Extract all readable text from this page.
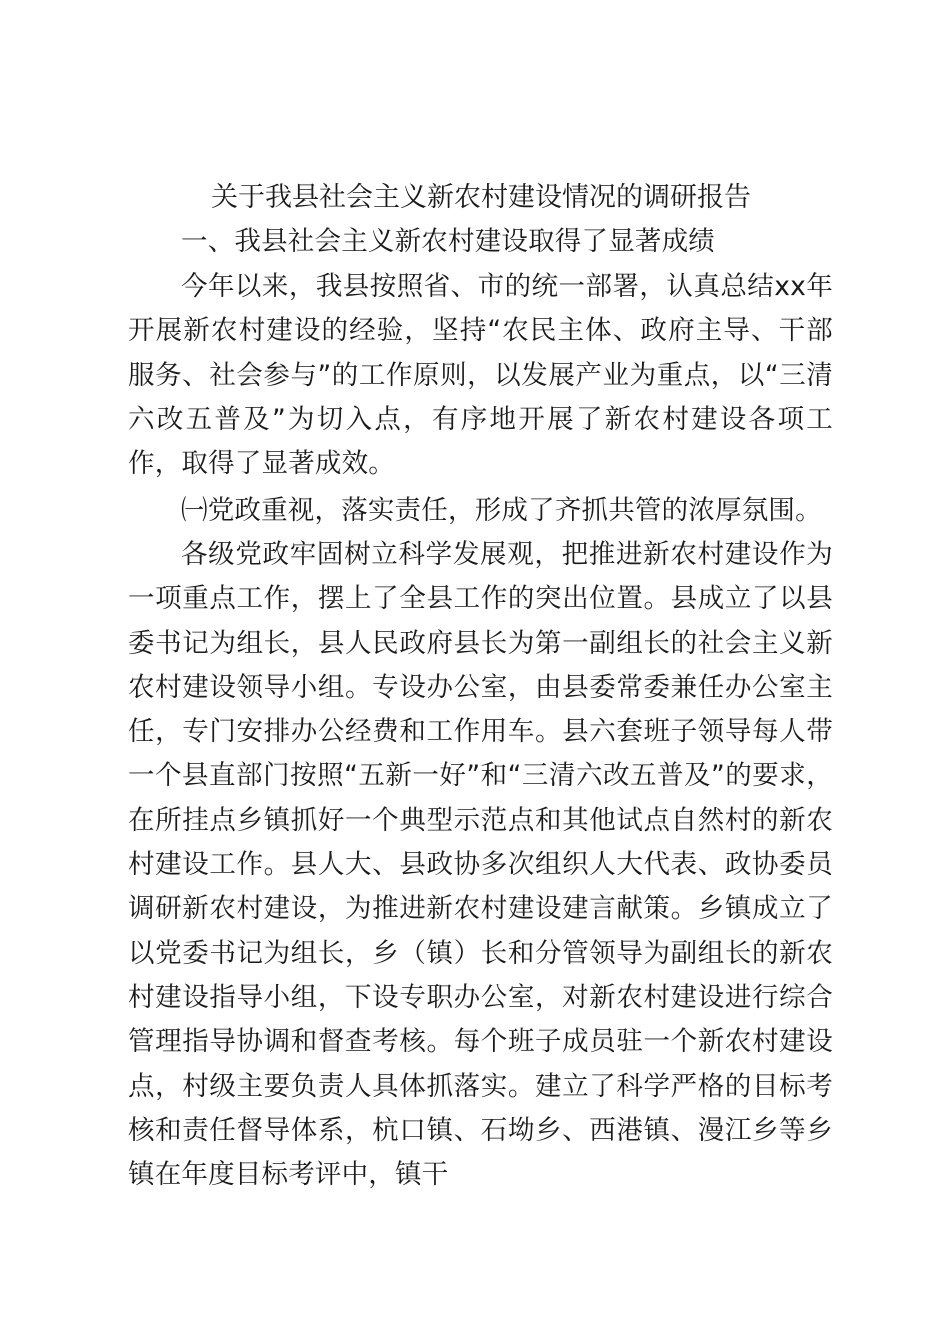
关于我县社会主义新农村建设情况的调研报告

一、我县社会主义新农村建设取得了显著成绩

今年以来，我县按照省、市的统一部署，认真总结xx年开展新农村建设的经验，坚持“农民主体、政府主导、干部服务、社会参与”的工作原则，以发展产业为重点，以“三清六改五普及”为切入点，有序地开展了新农村建设各项工作，取得了显著成效。

㈠党政重视，落实责任，形成了齐抓共管的浓厚氛围。

各级党政牢固树立科学发展观，把推进新农村建设作为一项重点工作，摆上了全县工作的突出位置。县成立了以县委书记为组长，县人民政府县长为第一副组长的社会主义新农村建设领导小组。专设办公室，由县委常委兼任办公室主任，专门安排办公经费和工作用车。县六套班子领导每人带一个县直部门按照“五新一好”和“三清六改五普及”的要求，在所挂点乡镇抓好一个典型示范点和其他试点自然村的新农村建设工作。县人大、县政协多次组织人大代表、政协委员调研新农村建设，为推进新农村建设建言献策。乡镇成立了以党委书记为组长，乡（镇）长和分管领导为副组长的新农村建设指导小组，下设专职办公室，对新农村建设进行综合管理指导协调和督查考核。每个班子成员驻一个新农村建设点，村级主要负责人具体抓落实。建立了科学严格的目标考核和责任督导体系，杭口镇、石坳乡、西港镇、漫江乡等乡镇在年度目标考评中，镇干
